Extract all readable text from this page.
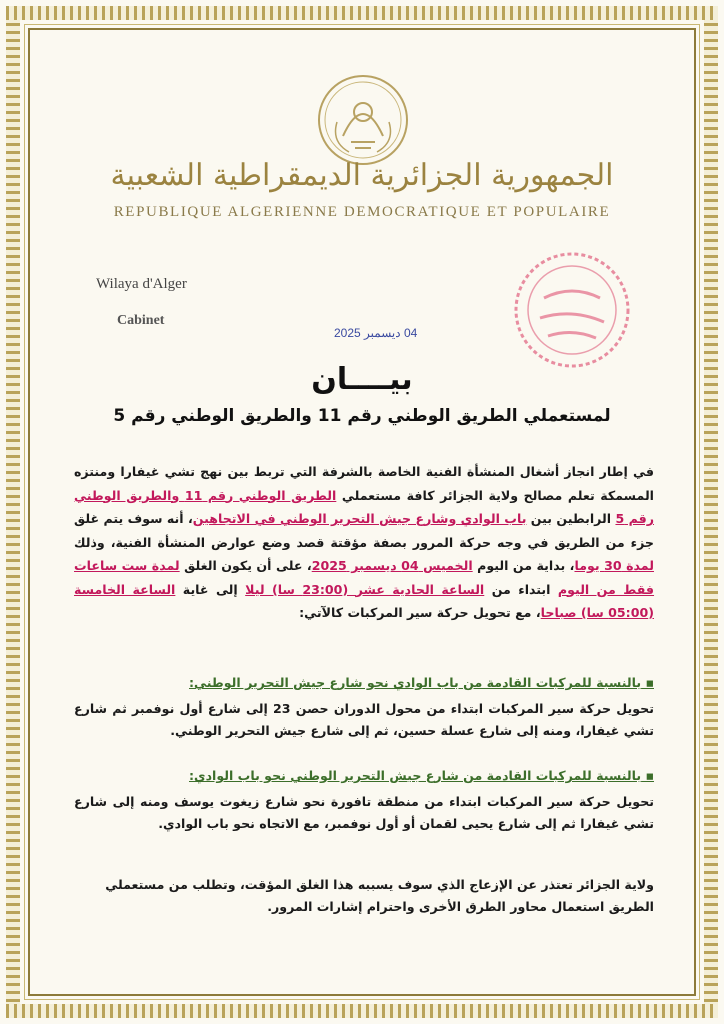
الجمهورية الجزائرية الديمقراطية الشعبية
REPUBLIQUE ALGERIENNE DEMOCRATIQUE ET POPULAIRE
Wilaya d'Alger
Cabinet
04 ديسمبر 2025
بيــــان
لمستعملي الطريق الوطني رقم 11 والطريق الوطني رقم 5
في إطار انجاز أشغال المنشأة الفنية الخاصة بالشرفة التي تربط بين نهج تشي غيفارا ومنتزه المسمكة تعلم مصالح ولاية الجزائر كافة مستعملي الطريق الوطني رقم 11 والطريق الوطني رقم 5 الرابطين بين باب الوادي وشارع جيش التحرير الوطني في الاتجاهين، أنه سوف يتم غلق جزء من الطريق في وجه حركة المرور بصفة مؤقتة قصد وضع عوارض المنشأة الفنية، وذلك لمدة 30 يوما، بداية من اليوم الخميس 04 ديسمبر 2025، على أن يكون الغلق لمدة ست ساعات فقط من اليوم ابتداء من الساعة الحادية عشر (23:00 سا) ليلا إلى غاية الساعة الخامسة (05:00 سا) صباحا، مع تحويل حركة سير المركبات كالآتي:
▪ بالنسبة للمركبات القادمة من باب الوادي نحو شارع جيش التحرير الوطني:
تحويل حركة سير المركبات ابتداء من محول الدوران حصن 23 إلى شارع أول نوفمبر ثم شارع تشي غيفارا، ومنه إلى شارع عسلة حسين، ثم إلى شارع جيش التحرير الوطني.
▪ بالنسبة للمركبات القادمة من شارع جيش التحرير الوطني نحو باب الوادي:
تحويل حركة سير المركبات ابتداء من منطقة تافورة نحو شارع زيغوت يوسف ومنه إلى شارع تشي غيفارا ثم إلى شارع يحيى لقمان أو أول نوفمبر، مع الاتجاه نحو باب الوادي.
ولاية الجزائر تعتذر عن الإزعاج الذي سوف يسببه هذا الغلق المؤقت، وتطلب من مستعملي الطريق استعمال محاور الطرق الأخرى واحترام إشارات المرور.
